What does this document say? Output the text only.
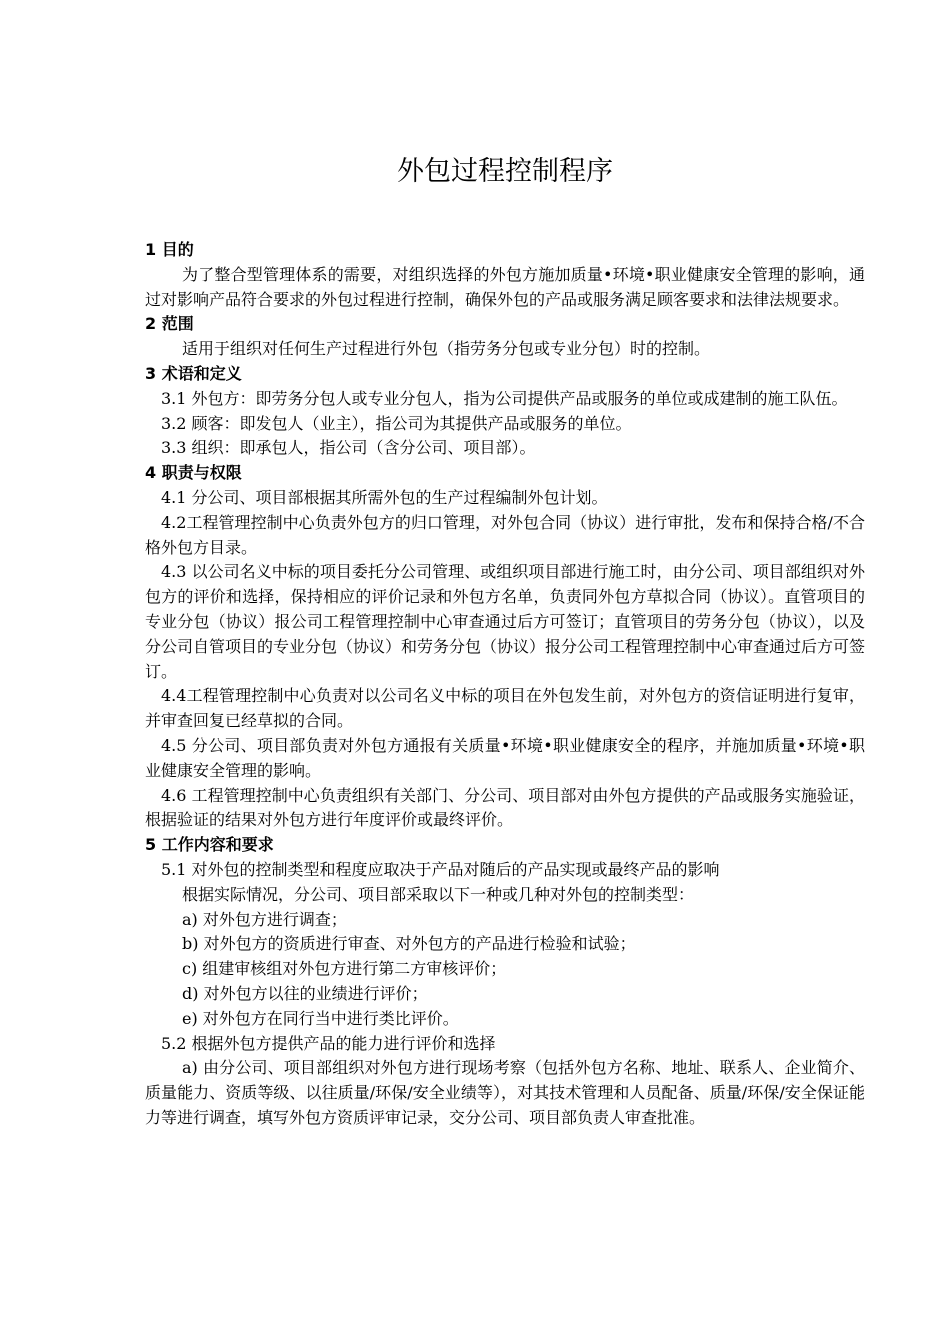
外包过程控制程序

1 目的

为了整合型管理体系的需要，对组织选择的外包方施加质量•环境•职业健康安全管理的影响，通过对影响产品符合要求的外包过程进行控制，确保外包的产品或服务满足顾客要求和法律法规要求。

2 范围

适用于组织对任何生产过程进行外包（指劳务分包或专业分包）时的控制。

3 术语和定义

3.1 外包方：即劳务分包人或专业分包人，指为公司提供产品或服务的单位或成建制的施工队伍。

3.2 顾客：即发包人（业主），指公司为其提供产品或服务的单位。

3.3 组织：即承包人，指公司（含分公司、项目部）。

4 职责与权限

4.1 分公司、项目部根据其所需外包的生产过程编制外包计划。

4.2工程管理控制中心负责外包方的归口管理，对外包合同（协议）进行审批，发布和保持合格/不合格外包方目录。

4.3 以公司名义中标的项目委托分公司管理、或组织项目部进行施工时，由分公司、项目部组织对外包方的评价和选择，保持相应的评价记录和外包方名单，负责同外包方草拟合同（协议）。直管项目的专业分包（协议）报公司工程管理控制中心审查通过后方可签订；直管项目的劳务分包（协议），以及分公司自管项目的专业分包（协议）和劳务分包（协议）报分公司工程管理控制中心审查通过后方可签订。

4.4工程管理控制中心负责对以公司名义中标的项目在外包发生前，对外包方的资信证明进行复审，并审查回复已经草拟的合同。

4.5 分公司、项目部负责对外包方通报有关质量•环境•职业健康安全的程序，并施加质量•环境•职业健康安全管理的影响。

4.6 工程管理控制中心负责组织有关部门、分公司、项目部对由外包方提供的产品或服务实施验证，根据验证的结果对外包方进行年度评价或最终评价。

5 工作内容和要求

5.1 对外包的控制类型和程度应取决于产品对随后的产品实现或最终产品的影响

根据实际情况，分公司、项目部采取以下一种或几种对外包的控制类型：

a) 对外包方进行调查；

b) 对外包方的资质进行审查、对外包方的产品进行检验和试验；

c) 组建审核组对外包方进行第二方审核评价；

d) 对外包方以往的业绩进行评价；

e) 对外包方在同行当中进行类比评价。

5.2 根据外包方提供产品的能力进行评价和选择

a) 由分公司、项目部组织对外包方进行现场考察（包括外包方名称、地址、联系人、企业简介、质量能力、资质等级、以往质量/环保/安全业绩等），对其技术管理和人员配备、质量/环保/安全保证能力等进行调查，填写外包方资质评审记录，交分公司、项目部负责人审查批准。
